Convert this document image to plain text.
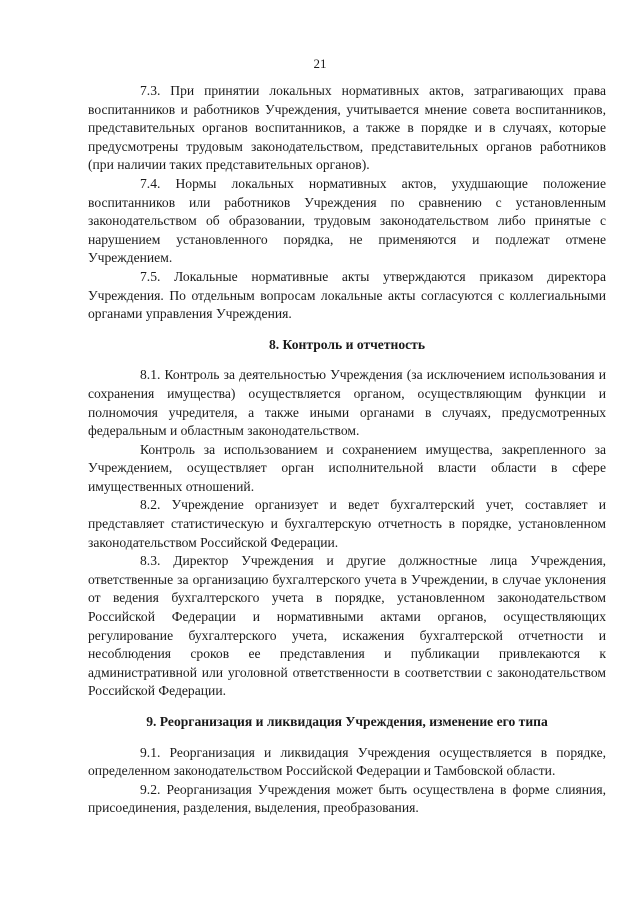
21

7.3. При принятии локальных нормативных актов, затрагивающих права воспитанников и работников Учреждения, учитывается мнение совета воспитанников, представительных органов воспитанников, а также в порядке и в случаях, которые предусмотрены трудовым законодательством, представительных органов работников (при наличии таких представительных органов).

7.4. Нормы локальных нормативных актов, ухудшающие положение воспитанников или работников Учреждения по сравнению с установленным законодательством об образовании, трудовым законодательством либо принятые с нарушением установленного порядка, не применяются и подлежат отмене Учреждением.

7.5. Локальные нормативные акты утверждаются приказом директора Учреждения. По отдельным вопросам локальные акты согласуются с коллегиальными органами управления Учреждения.

8. Контроль и отчетность

8.1. Контроль за деятельностью Учреждения (за исключением использования и сохранения имущества) осуществляется органом, осуществляющим функции и полномочия учредителя, а также иными органами в случаях, предусмотренных федеральным и областным законодательством.

Контроль за использованием и сохранением имущества, закрепленного за Учреждением, осуществляет орган исполнительной власти области в сфере имущественных отношений.

8.2. Учреждение организует и ведет бухгалтерский учет, составляет и представляет статистическую и бухгалтерскую отчетность в порядке, установленном законодательством Российской Федерации.

8.3. Директор Учреждения и другие должностные лица Учреждения, ответственные за организацию бухгалтерского учета в Учреждении, в случае уклонения от ведения бухгалтерского учета в порядке, установленном законодательством Российской Федерации и нормативными актами органов, осуществляющих регулирование бухгалтерского учета, искажения бухгалтерской отчетности и несоблюдения сроков ее представления и публикации привлекаются к административной или уголовной ответственности в соответствии с законодательством Российской Федерации.

9. Реорганизация и ликвидация Учреждения, изменение его типа

9.1. Реорганизация и ликвидация Учреждения осуществляется в порядке, определенном законодательством Российской Федерации и Тамбовской области.

9.2. Реорганизация Учреждения может быть осуществлена в форме слияния, присоединения, разделения, выделения, преобразования.
